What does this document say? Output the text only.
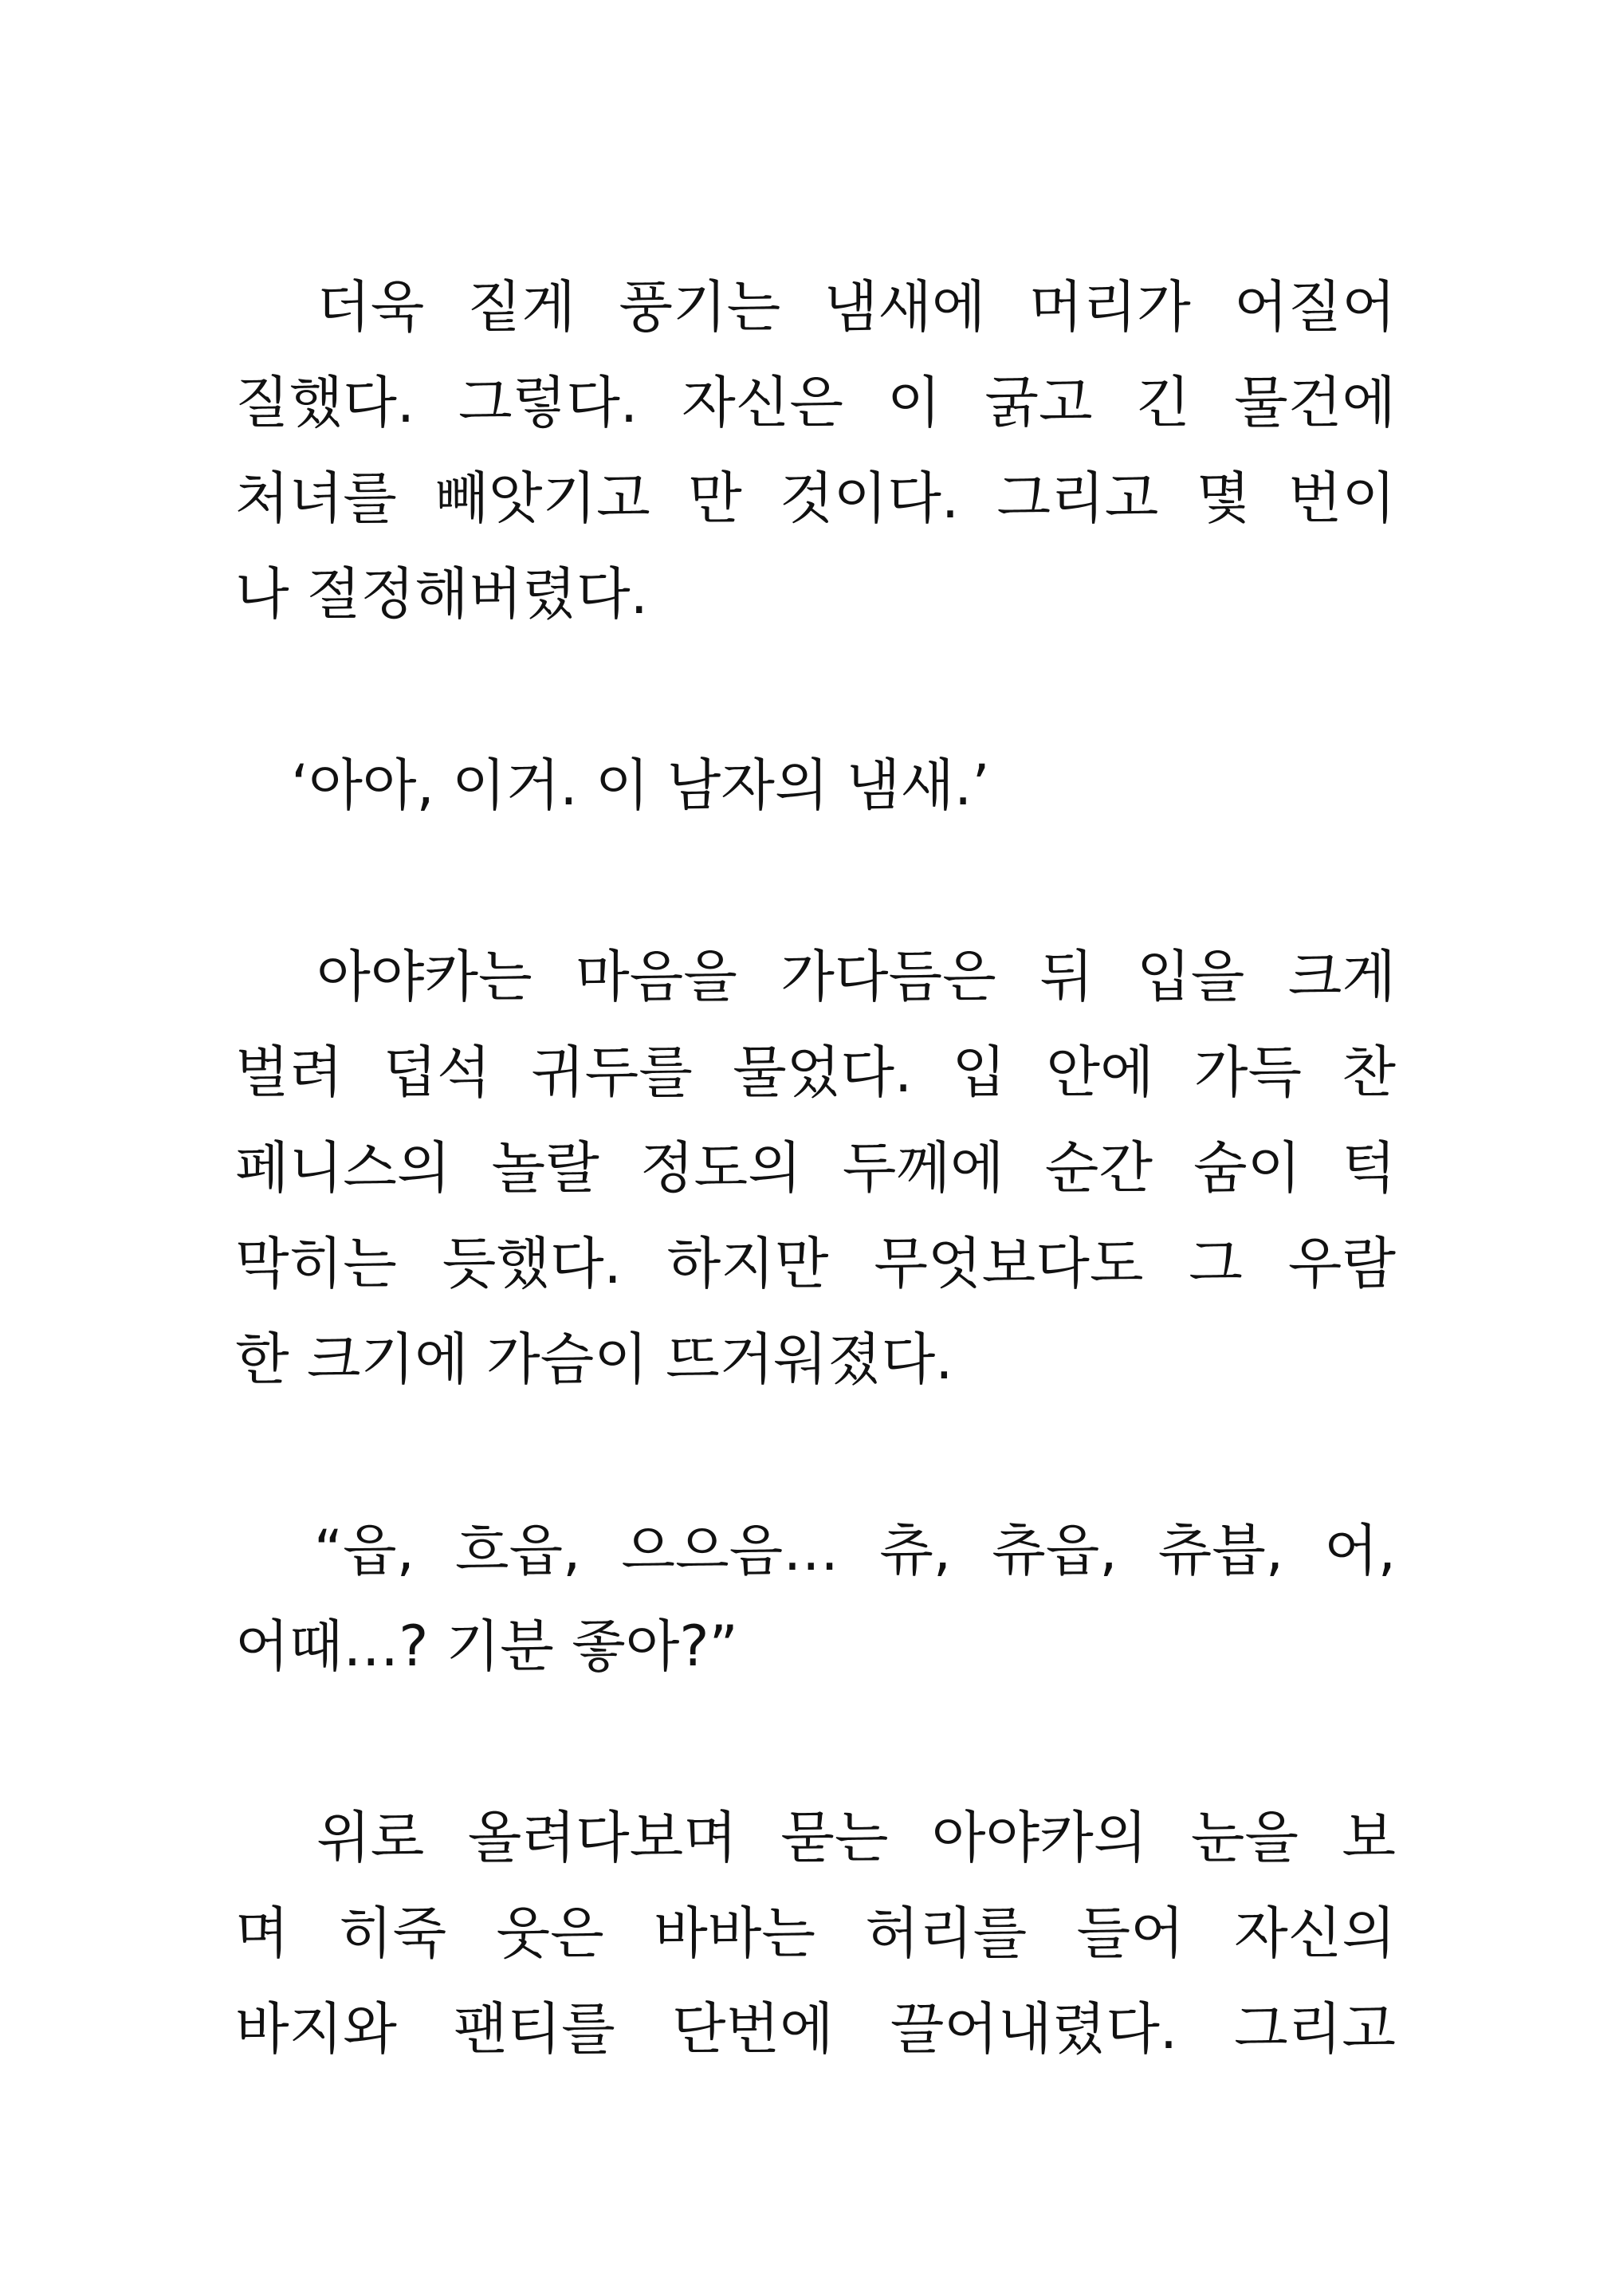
　더욱 짙게 풍기는 냄새에 머리가 어질어
질했다. 그렇다. 자신은 이 굵고 긴 물건에
처녀를 빼앗기고 만 것이다. 그리고 몇 번이
나 절정해버렸다.
　‘아아, 이거. 이 남자의 냄새.’
　아야카는 마음을 가다듬은 뒤 입을 크게
벌려 덥석 귀두를 물었다. 입 안에 가득 찬
페니스의 놀랄 정도의 두께에 순간 숨이 턱
막히는 듯했다. 하지만 무엇보다도 그 우람
한 크기에 가슴이 뜨거워졌다.
　“읍, 흐읍, 으으음… 츄, 츄읍, 츄븝, 어,
어때…? 기분 좋아?”
　위로 올려다보며 묻는 아야카의 눈을 보
며 히죽 웃은 바바는 허리를 들어 자신의
바지와 팬티를 단번에 끌어내렸다. 그리고
